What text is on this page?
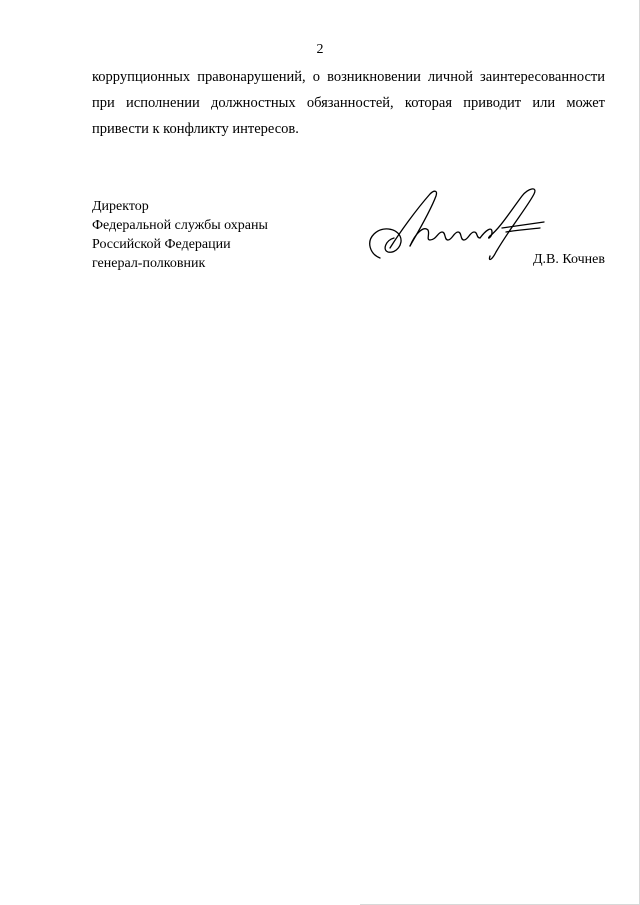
2
коррупционных правонарушений, о возникновении личной заинтересованности
при исполнении должностных обязанностей, которая приводит или может
привести к конфликту интересов.
Директор
Федеральной службы охраны
Российской Федерации
генерал-полковник	Д.В. Кочнев
